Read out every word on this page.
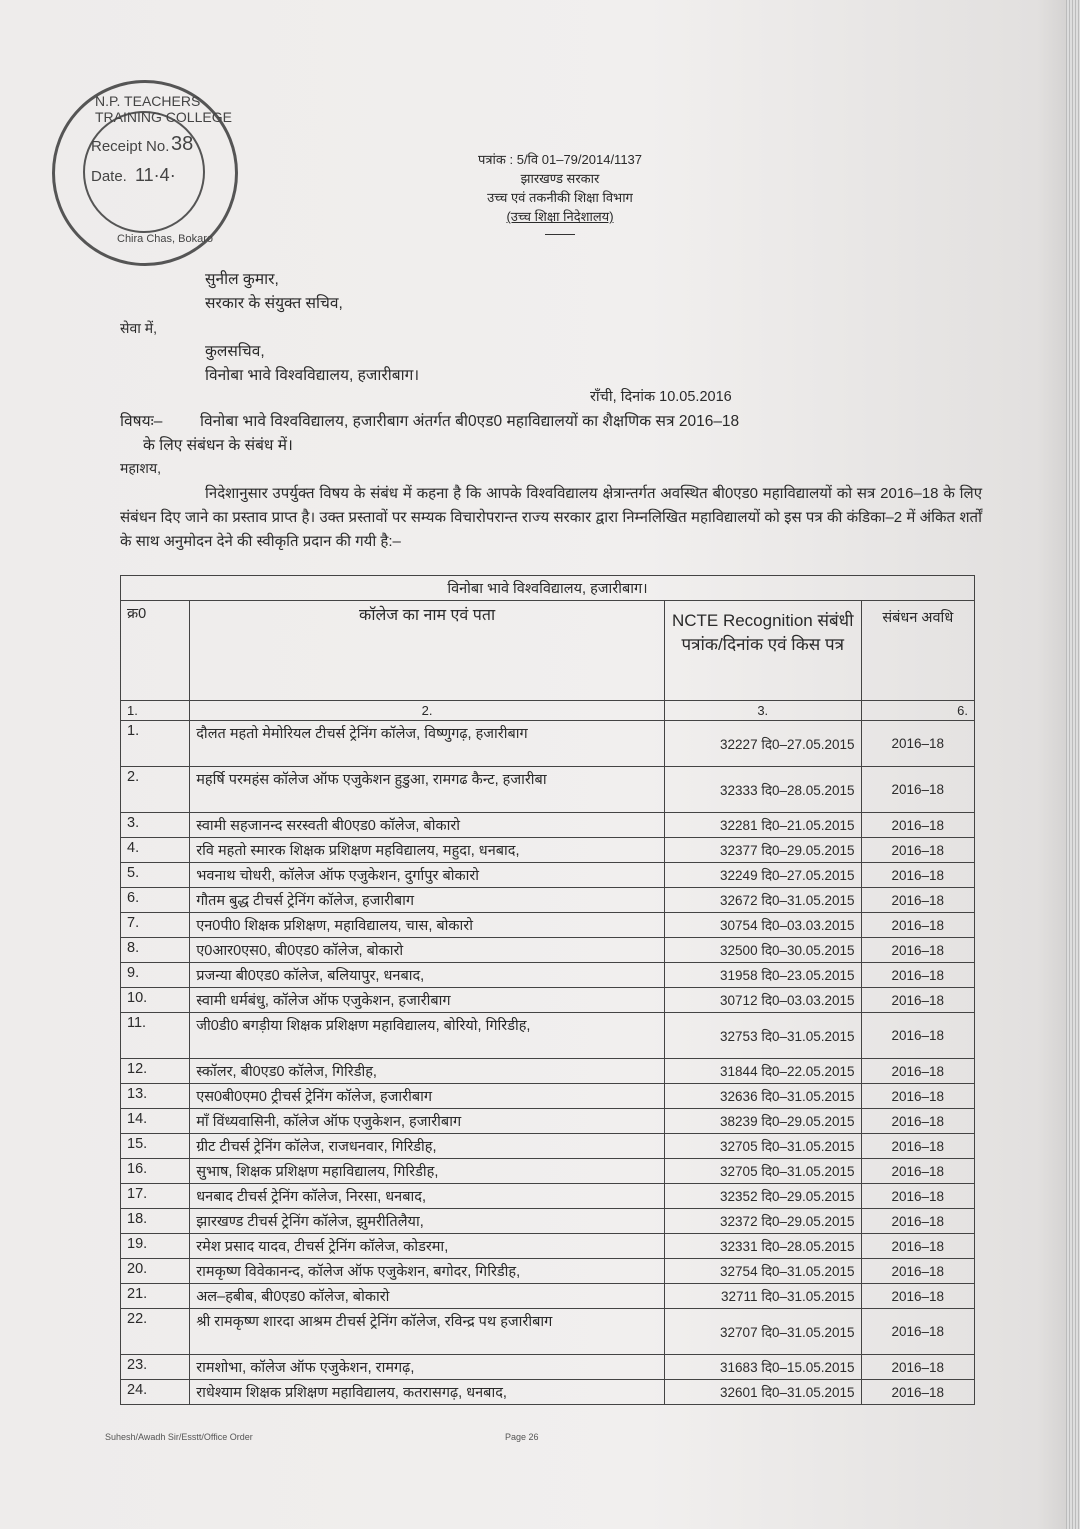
N.P. TEACHERS TRAINING COLLEGE
Chira Chas, Bokaro
Receipt No. 38
Date. 11·4·
पत्रांक : 5/वि 01–79/2014/1137
झारखण्ड सरकार
उच्च एवं तकनीकी शिक्षा विभाग
(उच्च शिक्षा निदेशालय)
सुनील कुमार,
सरकार के संयुक्त सचिव,
सेवा में,
कुलसचिव,
विनोबा भावे विश्वविद्यालय, हजारीबाग।
राँची, दिनांक 10.05.2016
विषयः– विनोबा भावे विश्वविद्यालय, हजारीबाग अंतर्गत बी0एड0 महाविद्यालयों का शैक्षणिक सत्र 2016–18
के लिए संबंधन के संबंध में।
महाशय,
निदेशानुसार उपर्युक्त विषय के संबंध में कहना है कि आपके विश्वविद्यालय क्षेत्रान्तर्गत अवस्थित बी0एड0 महाविद्यालयों को सत्र 2016–18 के लिए संबंधन दिए जाने का प्रस्ताव प्राप्त है। उक्त प्रस्तावों पर सम्यक विचारोपरान्त राज्य सरकार द्वारा निम्नलिखित महाविद्यालयों को इस पत्र की कंडिका–2 में अंकित शर्तों के साथ अनुमोदन देने की स्वीकृति प्रदान की गयी है:–
विनोबा भावे विश्वविद्यालय, हजारीबाग।			
क्र0	कॉलेज का नाम एवं पता	NCTE Recognition संबंधी पत्रांक/दिनांक एवं किस पत्र	संबंधन अवधि
1.	2.	3.	6.
1.	दौलत महतो मेमोरियल टीचर्स ट्रेनिंग कॉलेज, विष्णुगढ़, हजारीबाग	32227 दि0–27.05.2015	2016–18
2.	महर्षि परमहंस कॉलेज ऑफ एजुकेशन हुडुआ, रामगढ कैन्ट, हजारीबा	32333 दि0–28.05.2015	2016–18
3.	स्वामी सहजानन्द सरस्वती बी0एड0 कॉलेज, बोकारो	32281 दि0–21.05.2015	2016–18
4.	रवि महतो स्मारक शिक्षक प्रशिक्षण महविद्यालय, महुदा, धनबाद,	32377 दि0–29.05.2015	2016–18
5.	भवनाथ चोधरी, कॉलेज ऑफ एजुकेशन, दुर्गापुर बोकारो	32249 दि0–27.05.2015	2016–18
6.	गौतम बुद्ध टीचर्स ट्रेनिंग कॉलेज, हजारीबाग	32672 दि0–31.05.2015	2016–18
7.	एन0पी0 शिक्षक प्रशिक्षण, महाविद्यालय, चास, बोकारो	30754 दि0–03.03.2015	2016–18
8.	ए0आर0एस0, बी0एड0 कॉलेज, बोकारो	32500 दि0–30.05.2015	2016–18
9.	प्रजन्या बी0एड0 कॉलेज, बलियापुर, धनबाद,	31958 दि0–23.05.2015	2016–18
10.	स्वामी धर्मबंधु, कॉलेज ऑफ एजुकेशन, हजारीबाग	30712 दि0–03.03.2015	2016–18
11.	जी0डी0 बगड़ीया शिक्षक प्रशिक्षण महाविद्यालय, बोरियो, गिरिडीह,	32753 दि0–31.05.2015	2016–18
12.	स्कॉलर, बी0एड0 कॉलेज, गिरिडीह,	31844 दि0–22.05.2015	2016–18
13.	एस0बी0एम0 ट्रीचर्स ट्रेनिंग कॉलेज, हजारीबाग	32636 दि0–31.05.2015	2016–18
14.	माँ विंध्यवासिनी, कॉलेज ऑफ एजुकेशन, हजारीबाग	38239 दि0–29.05.2015	2016–18
15.	ग्रीट टीचर्स ट्रेनिंग कॉलेज, राजधनवार, गिरिडीह,	32705 दि0–31.05.2015	2016–18
16.	सुभाष, शिक्षक प्रशिक्षण महाविद्यालय, गिरिडीह,	32705 दि0–31.05.2015	2016–18
17.	धनबाद टीचर्स ट्रेनिंग कॉलेज, निरसा, धनबाद,	32352 दि0–29.05.2015	2016–18
18.	झारखण्ड टीचर्स ट्रेनिंग कॉलेज, झुमरीतिलैया,	32372 दि0–29.05.2015	2016–18
19.	रमेश प्रसाद यादव, टीचर्स ट्रेनिंग कॉलेज, कोडरमा,	32331 दि0–28.05.2015	2016–18
20.	रामकृष्ण विवेकानन्द, कॉलेज ऑफ एजुकेशन, बगोदर, गिरिडीह,	32754 दि0–31.05.2015	2016–18
21.	अल–हबीब, बी0एड0 कॉलेज, बोकारो	32711 दि0–31.05.2015	2016–18
22.	श्री रामकृष्ण शारदा आश्रम टीचर्स ट्रेनिंग कॉलेज, रविन्द्र पथ हजारीबाग	32707 दि0–31.05.2015	2016–18
23.	रामशोभा, कॉलेज ऑफ एजुकेशन, रामगढ़,	31683 दि0–15.05.2015	2016–18
24.	राधेश्याम शिक्षक प्रशिक्षण महाविद्यालय, कतरासगढ़, धनबाद,	32601 दि0–31.05.2015	2016–18
Suhesh/Awadh Sir/Esstt/Office Order	Page 26
